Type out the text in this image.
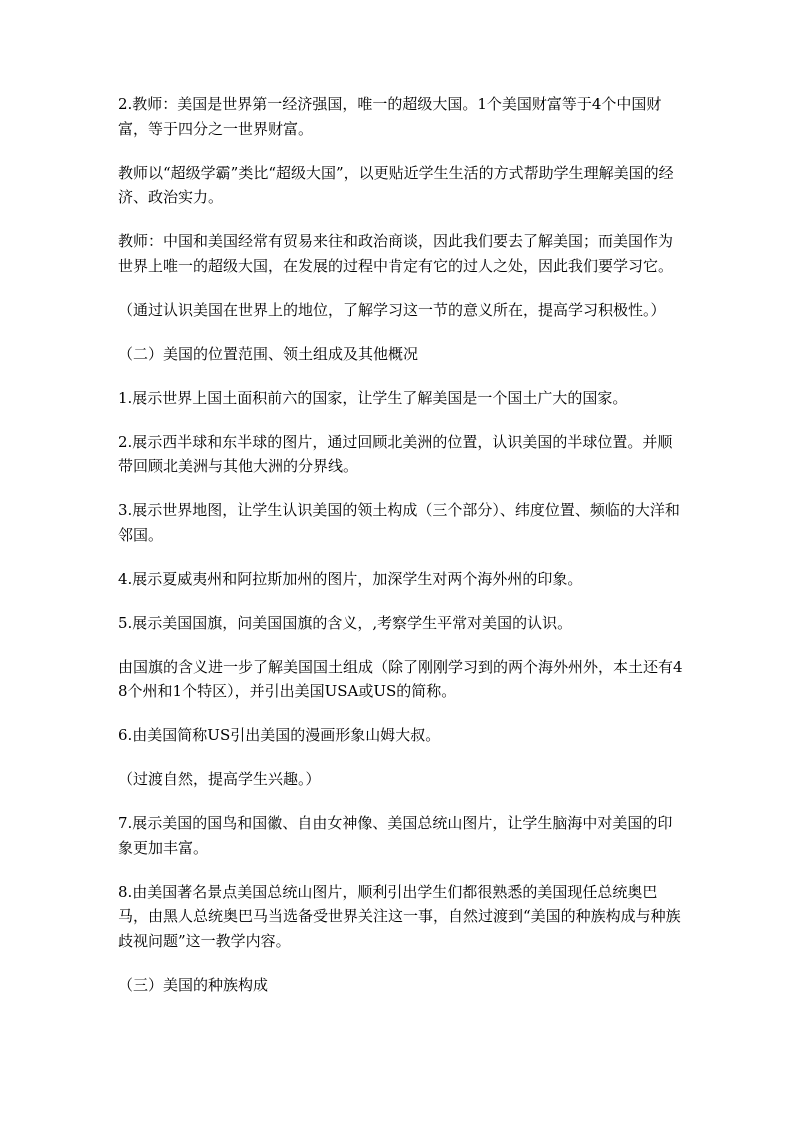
2.教师：美国是世界第一经济强国，唯一的超级大国。1个美国财富等于4个中国财富，等于四分之一世界财富。

教师以“超级学霸”类比“超级大国”，以更贴近学生生活的方式帮助学生理解美国的经济、政治实力。

教师：中国和美国经常有贸易来往和政治商谈，因此我们要去了解美国；而美国作为世界上唯一的超级大国，在发展的过程中肯定有它的过人之处，因此我们要学习它。

（通过认识美国在世界上的地位，了解学习这一节的意义所在，提高学习积极性。）

（二）美国的位置范围、领土组成及其他概况

1.展示世界上国土面积前六的国家，让学生了解美国是一个国土广大的国家。

2.展示西半球和东半球的图片，通过回顾北美洲的位置，认识美国的半球位置。并顺带回顾北美洲与其他大洲的分界线。

3.展示世界地图，让学生认识美国的领土构成（三个部分）、纬度位置、频临的大洋和邻国。

4.展示夏威夷州和阿拉斯加州的图片，加深学生对两个海外州的印象。

5.展示美国国旗，问美国国旗的含义，,考察学生平常对美国的认识。

由国旗的含义进一步了解美国国土组成（除了刚刚学习到的两个海外州外，本土还有48个州和1个特区），并引出美国USA或US的简称。

6.由美国简称US引出美国的漫画形象山姆大叔。

（过渡自然，提高学生兴趣。）

7.展示美国的国鸟和国徽、自由女神像、美国总统山图片，让学生脑海中对美国的印象更加丰富。

8.由美国著名景点美国总统山图片，顺利引出学生们都很熟悉的美国现任总统奥巴马，由黑人总统奥巴马当选备受世界关注这一事，自然过渡到“美国的种族构成与种族歧视问题”这一教学内容。

（三）美国的种族构成
